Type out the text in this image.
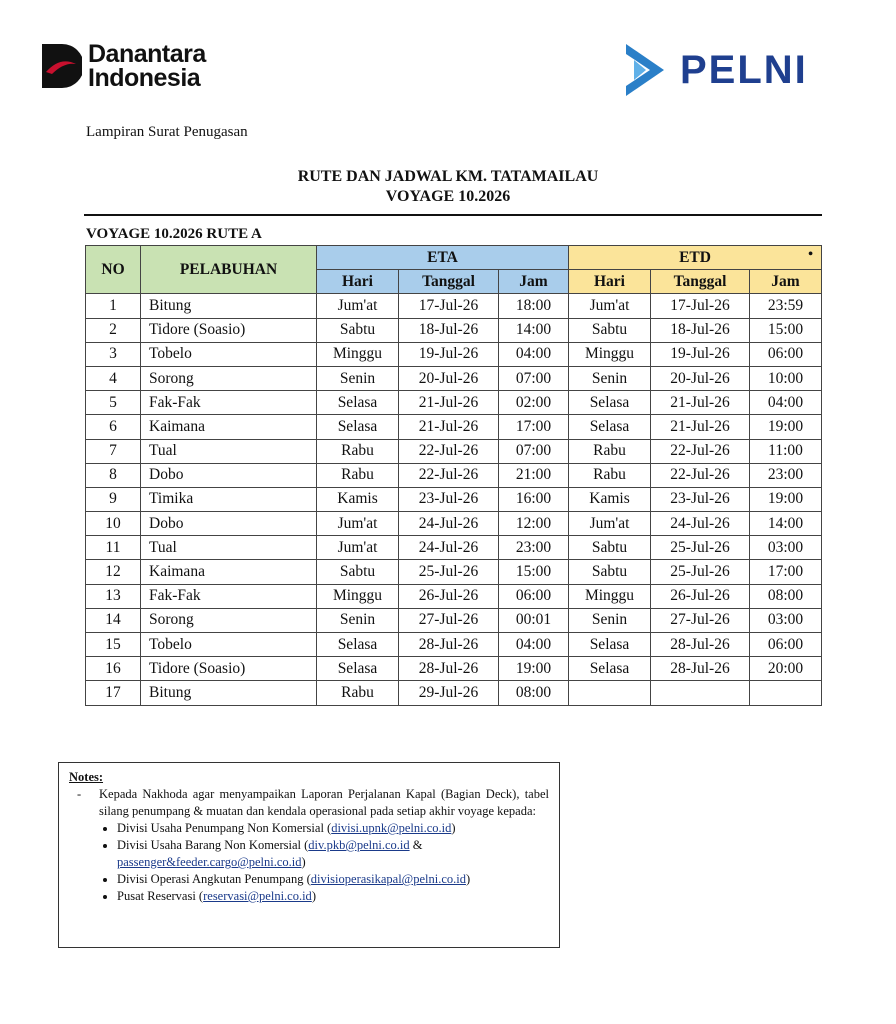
Danantara
Indonesia	PELNI
Lampiran Surat Penugasan
RUTE DAN JADWAL KM. TATAMAILAU
VOYAGE 10.2026
VOYAGE 10.2026 RUTE A
NO	PELABUHAN	ETA			ETD •		

		Hari	Tanggal	Jam	Hari	Tanggal	Jam
1	Bitung	Jum'at	17-Jul-26	18:00	Jum'at	17-Jul-26	23:59
2	Tidore (Soasio)	Sabtu	18-Jul-26	14:00	Sabtu	18-Jul-26	15:00
3	Tobelo	Minggu	19-Jul-26	04:00	Minggu	19-Jul-26	06:00
4	Sorong	Senin	20-Jul-26	07:00	Senin	20-Jul-26	10:00
5	Fak-Fak	Selasa	21-Jul-26	02:00	Selasa	21-Jul-26	04:00
6	Kaimana	Selasa	21-Jul-26	17:00	Selasa	21-Jul-26	19:00
7	Tual	Rabu	22-Jul-26	07:00	Rabu	22-Jul-26	11:00
8	Dobo	Rabu	22-Jul-26	21:00	Rabu	22-Jul-26	23:00
9	Timika	Kamis	23-Jul-26	16:00	Kamis	23-Jul-26	19:00
10	Dobo	Jum'at	24-Jul-26	12:00	Jum'at	24-Jul-26	14:00
11	Tual	Jum'at	24-Jul-26	23:00	Sabtu	25-Jul-26	03:00
12	Kaimana	Sabtu	25-Jul-26	15:00	Sabtu	25-Jul-26	17:00
13	Fak-Fak	Minggu	26-Jul-26	06:00	Minggu	26-Jul-26	08:00
14	Sorong	Senin	27-Jul-26	00:01	Senin	27-Jul-26	03:00
15	Tobelo	Selasa	28-Jul-26	04:00	Selasa	28-Jul-26	06:00
16	Tidore (Soasio)	Selasa	28-Jul-26	19:00	Selasa	28-Jul-26	20:00
17	Bitung	Rabu	29-Jul-26	08:00			
Notes:
-	Kepada Nakhoda agar menyampaikan Laporan Perjalanan Kapal (Bagian Deck), tabel silang penumpang & muatan dan kendala operasional pada setiap akhir voyage kepada:
• Divisi Usaha Penumpang Non Komersial (divisi.upnk@pelni.co.id)
• Divisi Usaha Barang Non Komersial (div.pkb@pelni.co.id &
passenger&feeder.cargo@pelni.co.id)
• Divisi Operasi Angkutan Penumpang (divisioperasikapal@pelni.co.id)
• Pusat Reservasi (reservasi@pelni.co.id)
